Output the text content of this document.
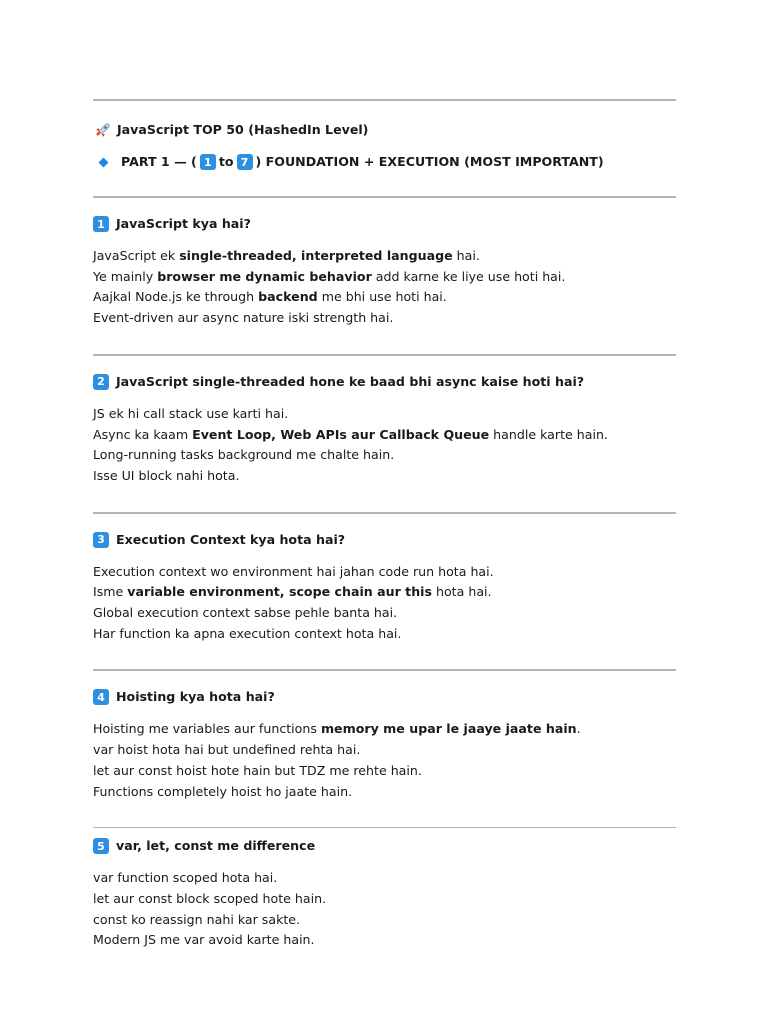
JavaScript TOP 50 (HashedIn Level)
PART 1 — ( 1 to 7 ) FOUNDATION + EXECUTION (MOST IMPORTANT)
1 JavaScript kya hai?
JavaScript ek single-threaded, interpreted language hai.
Ye mainly browser me dynamic behavior add karne ke liye use hoti hai.
Aajkal Node.js ke through backend me bhi use hoti hai.
Event-driven aur async nature iski strength hai.
2 JavaScript single-threaded hone ke baad bhi async kaise hoti hai?
JS ek hi call stack use karti hai.
Async ka kaam Event Loop, Web APIs aur Callback Queue handle karte hain.
Long-running tasks background me chalte hain.
Isse UI block nahi hota.
3 Execution Context kya hota hai?
Execution context wo environment hai jahan code run hota hai.
Isme variable environment, scope chain aur this hota hai.
Global execution context sabse pehle banta hai.
Har function ka apna execution context hota hai.
4 Hoisting kya hota hai?
Hoisting me variables aur functions memory me upar le jaaye jaate hain.
var hoist hota hai but undefined rehta hai.
let aur const hoist hote hain but TDZ me rehte hain.
Functions completely hoist ho jaate hain.
5 var, let, const me difference
var function scoped hota hai.
let aur const block scoped hote hain.
const ko reassign nahi kar sakte.
Modern JS me var avoid karte hain.
